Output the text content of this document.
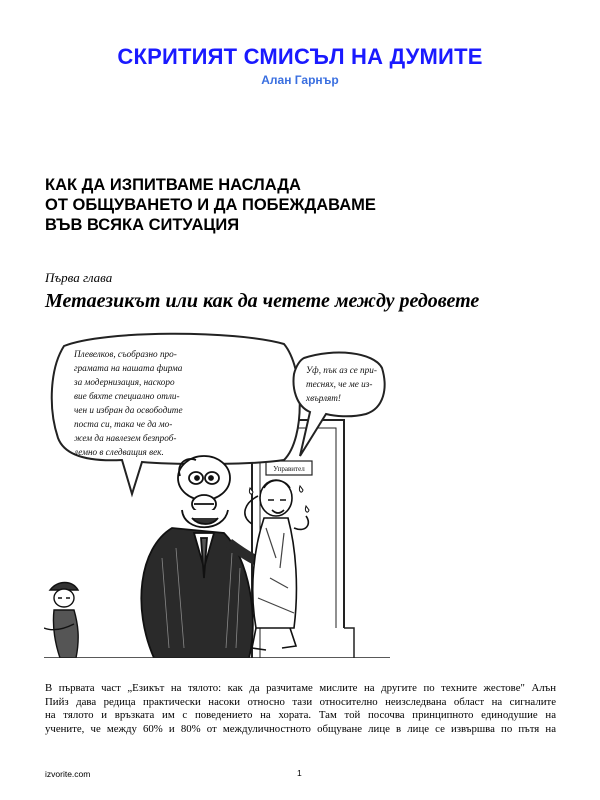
СКРИТИЯТ СМИСЪЛ НА ДУМИТЕ
Алан Гарнър
КАК ДА ИЗПИТВАМЕ НАСЛАДА
ОТ ОБЩУВАНЕТО И ДА ПОБЕЖДАВАМЕ
ВЪВ ВСЯКА СИТУАЦИЯ
Първа глава
Метаезикът или как да четете между редовете
Управител
Плевелков, съобразно про-
грамата на нашата фирма
за модернизация, наскоро
вие бяхте специално отли-
чен и избран да освободите
поста си, така че да мо-
жем да навлезем безпроб-
лемно в следващия век.
Уф, пък аз се при-
теснях, че ме из-
хвърлят!
В първата част „Езикът на тялото: как да разчитаме мислите на другите по техните жестове" Алън
Пийз дава редица практически насоки относно тази относително неизследвана област на сигналите
на тялото и връзката им с поведението на хората. Там той посочва принципното единодушие на
учените, че между 60% и 80% от междуличностното общуване лице в лице се извършва по пътя на
izvorite.com	1
